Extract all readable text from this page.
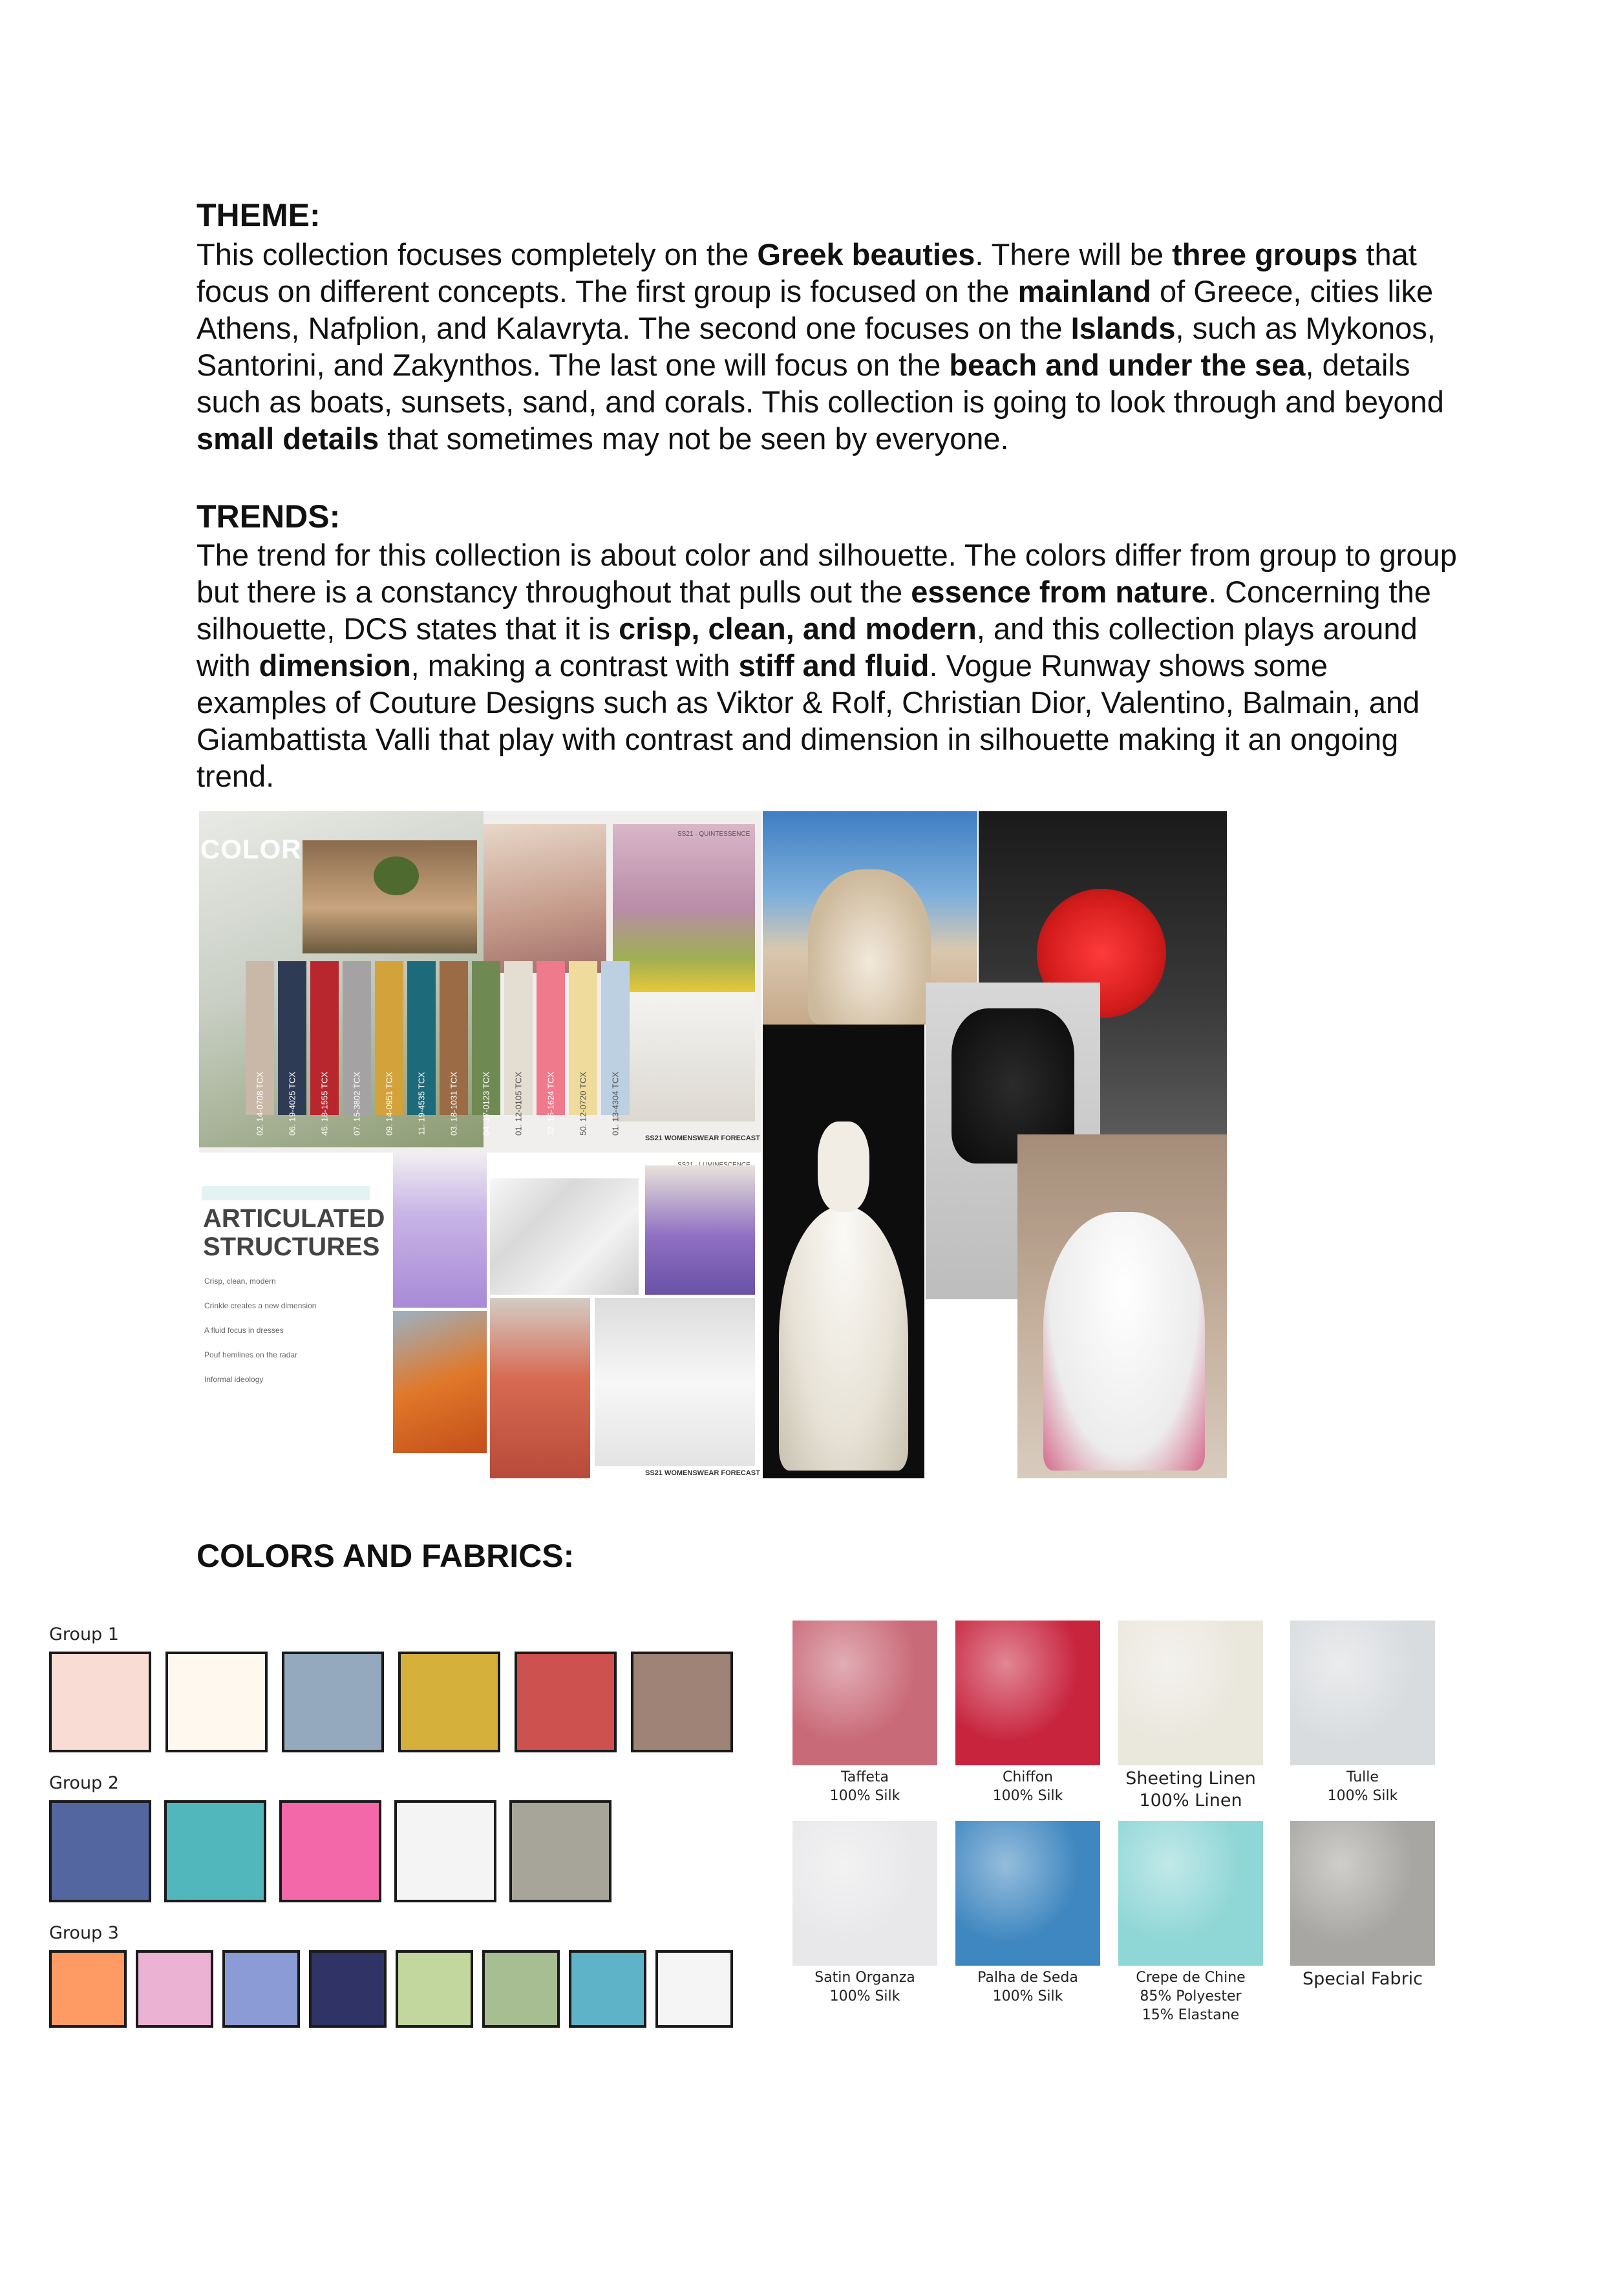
THEME:
This collection focuses completely on the Greek beauties. There will be three groups that focus on different concepts. The first group is focused on the mainland of Greece, cities like Athens, Nafplion, and Kalavryta. The second one focuses on the Islands, such as Mykonos, Santorini, and Zakynthos. The last one will focus on the beach and under the sea, details such as boats, sunsets, sand, and corals. This collection is going to look through and beyond small details that sometimes may not be seen by everyone.
TRENDS:
The trend for this collection is about color and silhouette. The colors differ from group to group but there is a constancy throughout that pulls out the essence from nature. Concerning the silhouette, DCS states that it is crisp, clean, and modern, and this collection plays around with dimension, making a contrast with stiff and fluid. Vogue Runway shows some examples of Couture Designs such as Viktor & Rolf, Christian Dior, Valentino, Balmain, and Giambattista Valli that play with contrast and dimension in silhouette making it an ongoing trend.
COLOR	SS21 · QUINTESSENCE
02. 14-0708 TCX	06. 19-4025 TCX	45. 18-1555 TCX	07. 15-3802 TCX	09. 14-0951 TCX	11. 19-4535 TCX	03. 18-1031 TCX	04. 17-0123 TCX	01. 12-0105 TCX	32. 15-1624 TCX	50. 12-0720 TCX	01. 13-4304 TCX
SS21 WOMENSWEAR FORECAST
ARTICULATED
STRUCTURES
Crisp, clean, modern
Crinkle creates a new dimension
A fluid focus in dresses
Pouf hemlines on the radar
Informal ideology
SS21 WOMENSWEAR FORECAST
COLORS AND FABRICS:
Group 1
Group 2
Group 3
Taffeta
100% Silk
Chiffon
100% Silk
Sheeting Linen
100% Linen
Tulle
100% Silk
Satin Organza
100% Silk
Palha de Seda
100% Silk
Crepe de Chine
85% Polyester
15% Elastane
Special Fabric
